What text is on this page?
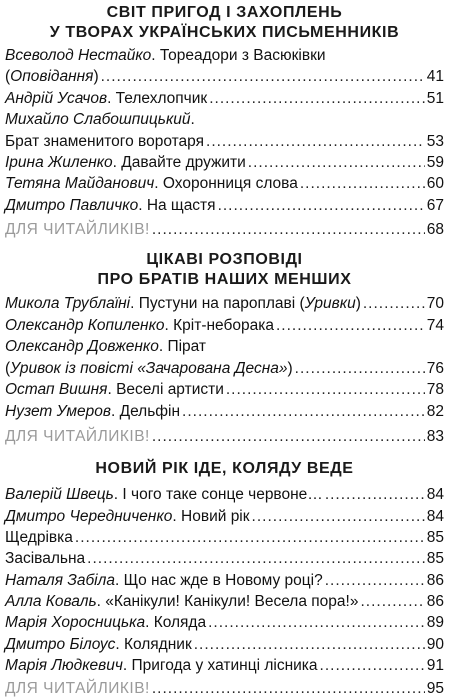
СВІТ ПРИГОД І ЗАХОПЛЕНЬ
У ТВОРАХ УКРАЇНСЬКИХ ПИСЬМЕННИКІВ
Всеволод Нестайко. Тореадори з Васюківки
(Оповідання) .....	41
Андрій Усачов. Телехлопчик .....	51
Михайло Слабошпицький.
Брат знаменитого воротаря .....	53
Ірина Жиленко. Давайте дружити .....	59
Тетяна Майданович. Охоронниця слова .....	60
Дмитро Павличко. На щастя .....	67
ДЛЯ ЧИТАЙЛИКІВ! .....	68
ЦІКАВІ РОЗПОВІДІ
ПРО БРАТІВ НАШИХ МЕНШИХ
Микола Трублаїні. Пустуни на пароплаві (Уривки) .....	70
Олександр Копиленко. Кріт-неборака .....	74
Олександр Довженко. Пірат
(Уривок із повісті «Зачарована Десна») .....	76
Остап Вишня. Веселі артисти .....	78
Нузет Умеров. Дельфін .....	82
ДЛЯ ЧИТАЙЛИКІВ! .....	83
НОВИЙ РІК ІДЕ, КОЛЯДУ ВЕДЕ
Валерій Швець. І чого таке сонце червоне… .....	84
Дмитро Чередниченко. Новий рік .....	84
Щедрівка .....	85
Засівальна .....	85
Наталя Забіла. Що нас жде в Новому році? .....	86
Алла Коваль. «Канікули! Канікули! Весела пора!» .....	86
Марія Хоросницька. Коляда .....	89
Дмитро Білоус. Колядник .....	90
Марія Людкевич. Пригода у хатинці лісника .....	91
ДЛЯ ЧИТАЙЛИКІВ! .....	95
